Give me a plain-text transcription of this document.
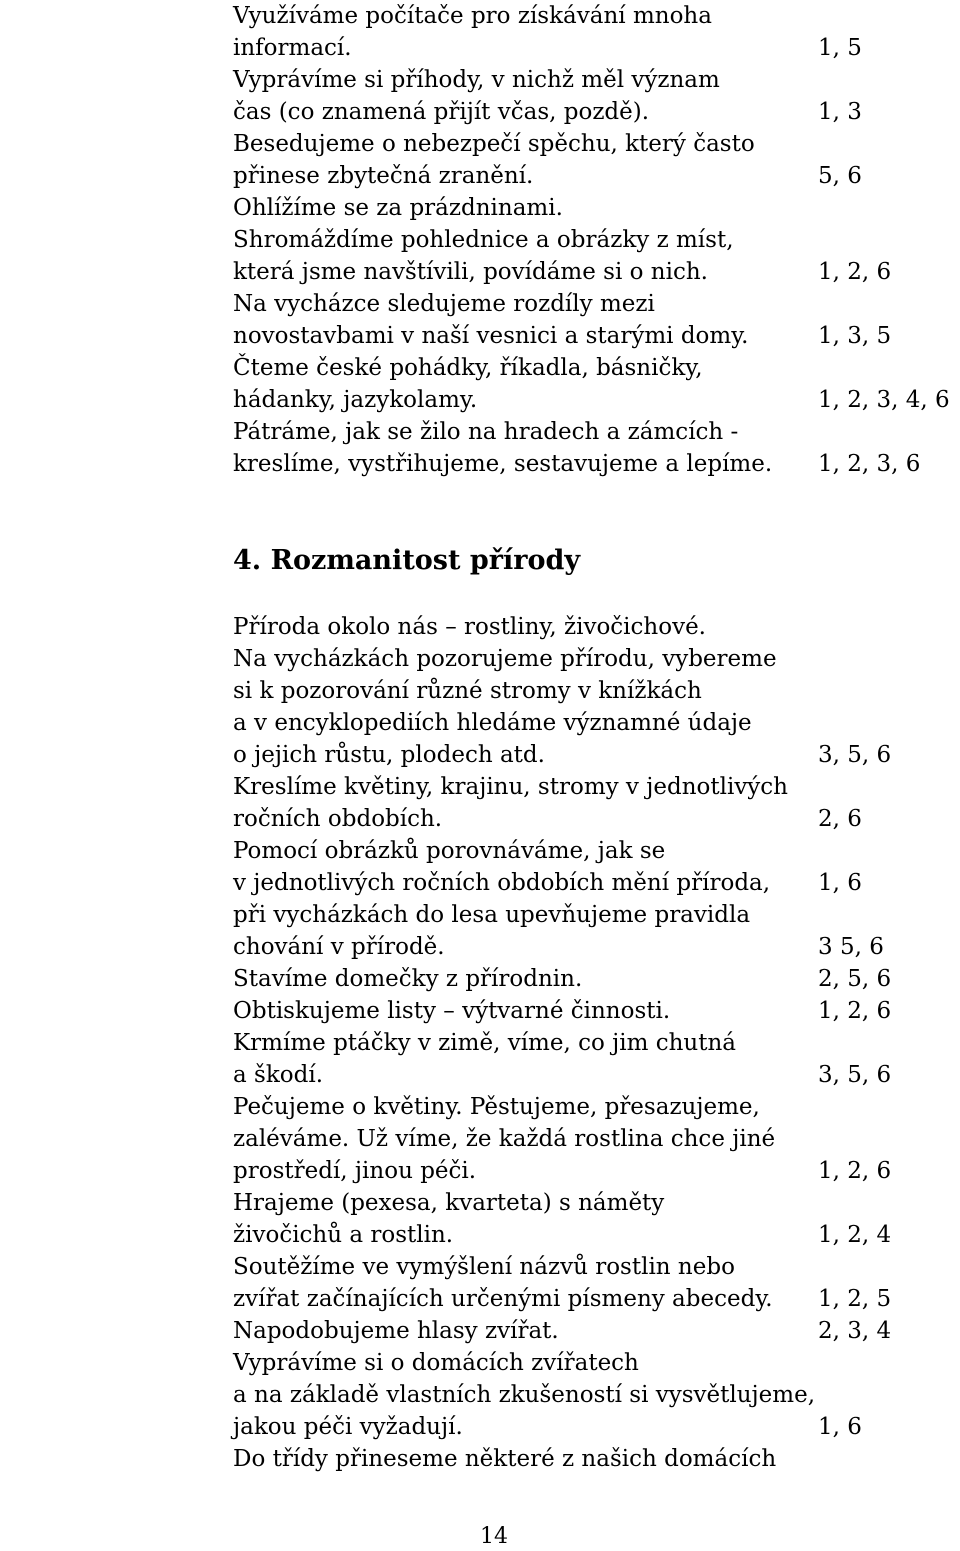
Využíváme počítače pro získávání mnoha
informací.	1, 5
Vyprávíme si příhody, v nichž měl význam
čas (co znamená přijít včas, pozdě).	1, 3
Besedujeme o nebezpečí spěchu, který často
přinese zbytečná zranění.	5, 6
Ohlížíme se za prázdninami.
Shromáždíme pohlednice a obrázky z míst,
která jsme navštívili, povídáme si o nich.	1, 2, 6
Na vycházce sledujeme rozdíly mezi
novostavbami v naší vesnici a starými domy.	1, 3, 5
Čteme české pohádky, říkadla, básničky,
hádanky, jazykolamy.	1, 2, 3, 4, 6
Pátráme, jak se žilo na hradech a zámcích -
kreslíme, vystřihujeme, sestavujeme a lepíme. 1, 2, 3, 6
4. Rozmanitost přírody
Příroda okolo nás – rostliny, živočichové.
Na vycházkách pozorujeme přírodu, vybereme
si k pozorování různé stromy v knížkách
a v encyklopediích hledáme významné údaje
o jejich růstu, plodech atd.	3, 5, 6
Kreslíme květiny, krajinu, stromy v jednotlivých
ročních obdobích.	2, 6
Pomocí obrázků porovnáváme, jak se
v jednotlivých ročních obdobích mění příroda, 1, 6
při vycházkách do lesa upevňujeme pravidla
chování v přírodě.	3 5, 6
Stavíme domečky z přírodnin.	2, 5, 6
Obtiskujeme listy – výtvarné činnosti.	1, 2, 6
Krmíme ptáčky v zimě, víme, co jim chutná
a škodí.	3, 5, 6
Pečujeme o květiny. Pěstujeme, přesazujeme,
zaléváme. Už víme, že každá rostlina chce jiné
prostředí, jinou péči.	1, 2, 6
Hrajeme (pexesa, kvarteta) s náměty
živočichů a rostlin.	1, 2, 4
Soutěžíme ve vymýšlení názvů rostlin nebo
zvířat začínajících určenými písmeny abecedy. 1, 2, 5
Napodobujeme hlasy zvířat.	2, 3, 4
Vyprávíme si o domácích zvířatech
a na základě vlastních zkušeností si vysvětlujeme,
jakou péči vyžadují.	1, 6
Do třídy přineseme některé z našich domácích
14
